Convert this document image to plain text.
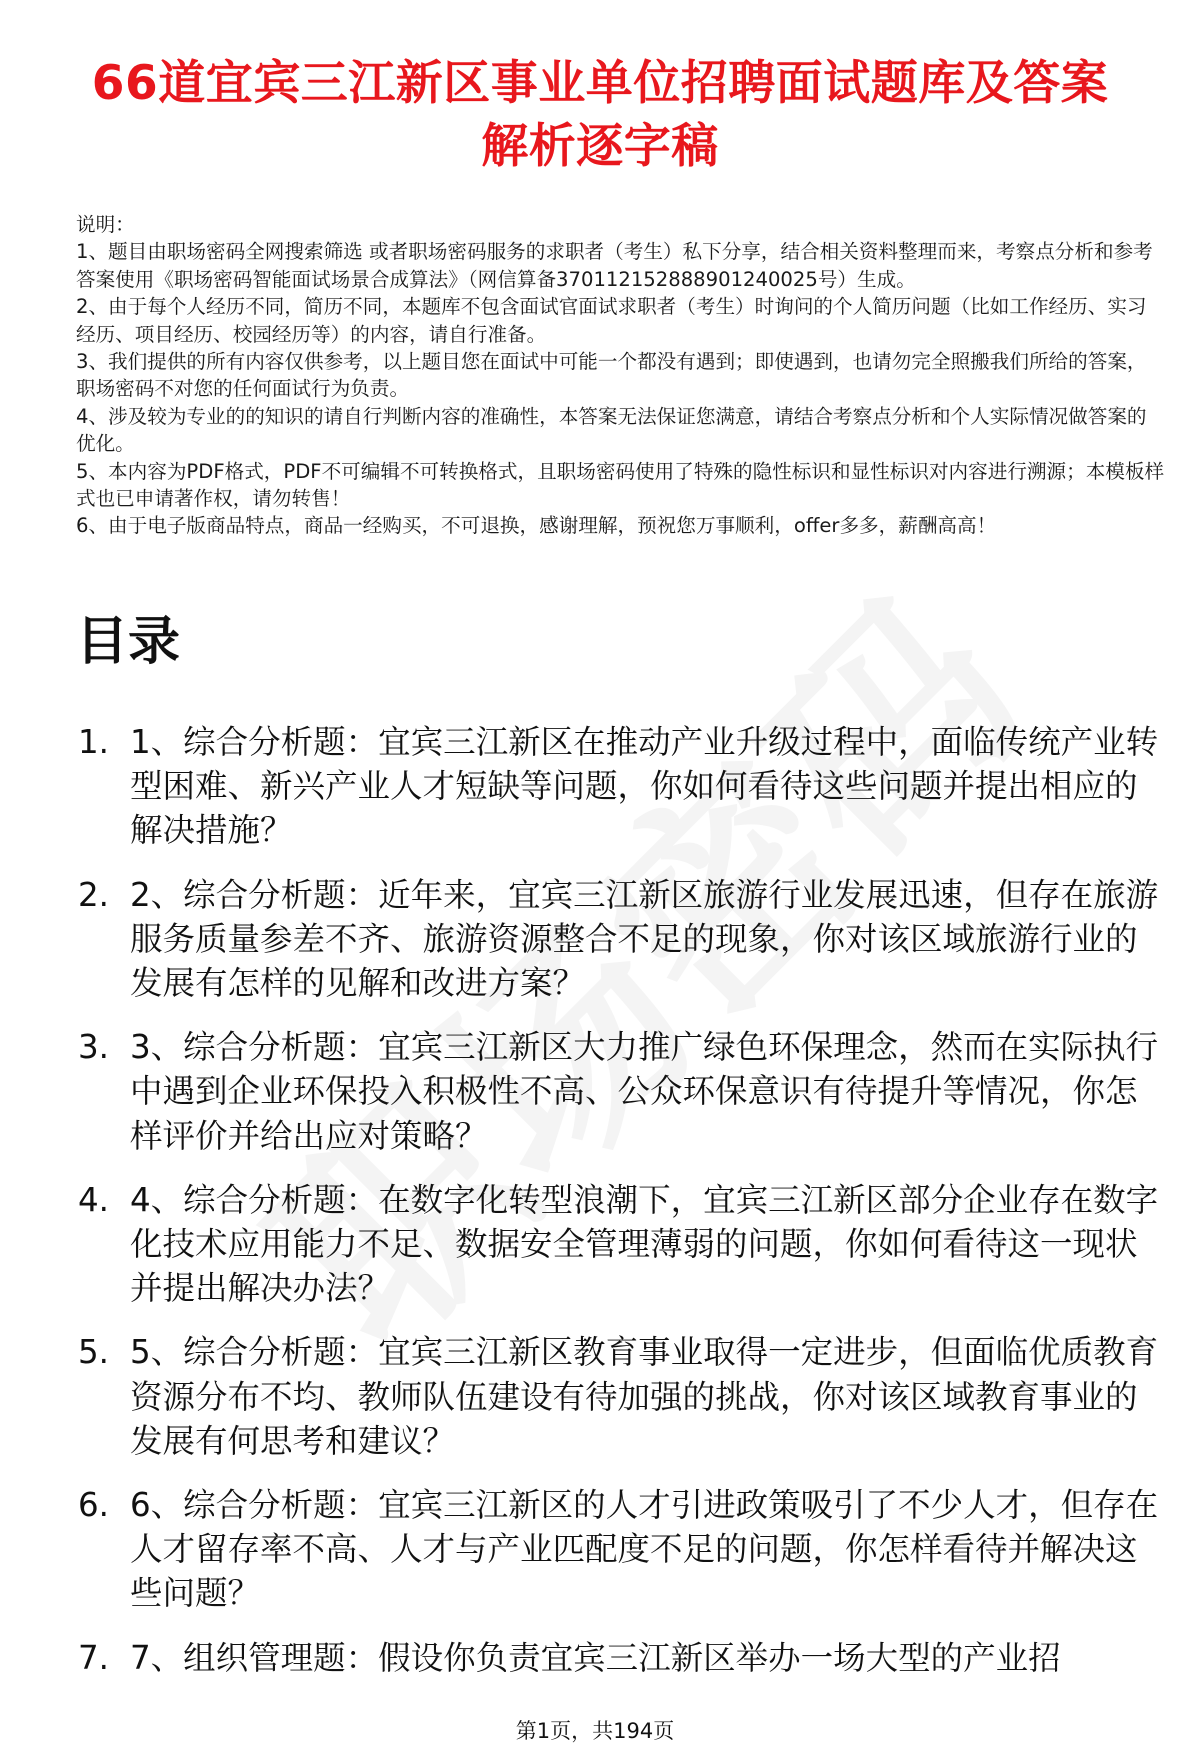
66道宜宾三江新区事业单位招聘面试题库及答案解析逐字稿

说明：

1、题目由职场密码全网搜索筛选 或者职场密码服务的求职者（考生）私下分享，结合相关资料整理而来，考察点分析和参考答案使用《职场密码智能面试场景合成算法》（网信算备370112152888901240025号）生成。

2、由于每个人经历不同，简历不同，本题库不包含面试官面试求职者（考生）时询问的个人简历问题（比如工作经历、实习经历、项目经历、校园经历等）的内容，请自行准备。

3、我们提供的所有内容仅供参考，以上题目您在面试中可能一个都没有遇到；即使遇到，也请勿完全照搬我们所给的答案，职场密码不对您的任何面试行为负责。

4、涉及较为专业的的知识的请自行判断内容的准确性，本答案无法保证您满意，请结合考察点分析和个人实际情况做答案的优化。

5、本内容为PDF格式，PDF不可编辑不可转换格式，且职场密码使用了特殊的隐性标识和显性标识对内容进行溯源；本模板样式也已申请著作权，请勿转售！

6、由于电子版商品特点，商品一经购买，不可退换，感谢理解，预祝您万事顺利，offer多多，薪酬高高！

目录
1. 1、综合分析题：宜宾三江新区在推动产业升级过程中，面临传统产业转型困难、新兴产业人才短缺等问题，你如何看待这些问题并提出相应的解决措施？
2. 2、综合分析题：近年来，宜宾三江新区旅游行业发展迅速，但存在旅游服务质量参差不齐、旅游资源整合不足的现象，你对该区域旅游行业的发展有怎样的见解和改进方案？
3. 3、综合分析题：宜宾三江新区大力推广绿色环保理念，然而在实际执行中遇到企业环保投入积极性不高、公众环保意识有待提升等情况，你怎样评价并给出应对策略？
4. 4、综合分析题：在数字化转型浪潮下，宜宾三江新区部分企业存在数字化技术应用能力不足、数据安全管理薄弱的问题，你如何看待这一现状并提出解决办法？
5. 5、综合分析题：宜宾三江新区教育事业取得一定进步，但面临优质教育资源分布不均、教师队伍建设有待加强的挑战，你对该区域教育事业的发展有何思考和建议？
6. 6、综合分析题：宜宾三江新区的人才引进政策吸引了不少人才，但存在人才留存率不高、人才与产业匹配度不足的问题，你怎样看待并解决这些问题？
7. 7、组织管理题：假设你负责宜宾三江新区举办一场大型的产业招
第1页，共194页
